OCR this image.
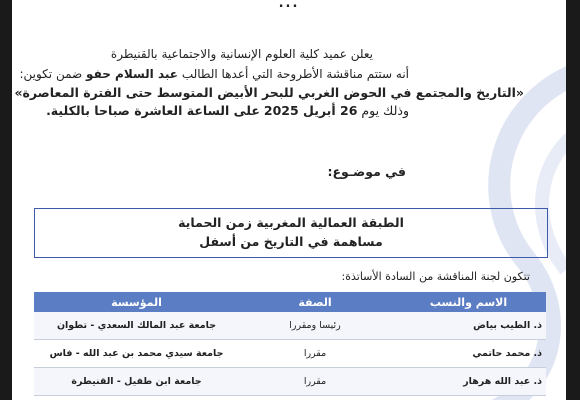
...
يعلن عميد كلية العلوم الإنسانية والاجتماعية بالقنيطرة
أنه ستتم مناقشة الأطروحة التي أعدها الطالب عبد السلام حفو ضمن تكوين:
«التاريخ والمجتمع في الحوض الغربي للبحر الأبيض المتوسط حتى الفترة المعاصرة»
وذلك يوم 26 أبريل 2025 على الساعة العاشرة صباحا بالكلية.
في موضـوع:
الطبقة العمالية المغربية زمن الحماية
مساهمة في التاريخ من أسفل
تتكون لجنة المناقشة من السادة الأساتذة:
الاسم والنسب	الصفة	المؤسسة
ذ. الطيب بياض	رئيسا ومقررا	جامعة عبد المالك السعدي - تطوان
ذ. محمد حاتمي	مقررا	جامعة سيدي محمد بن عبد الله - فاس
ذ. عبد الله هرهار	مقررا	جامعة ابن طفيل - القنيطرة
